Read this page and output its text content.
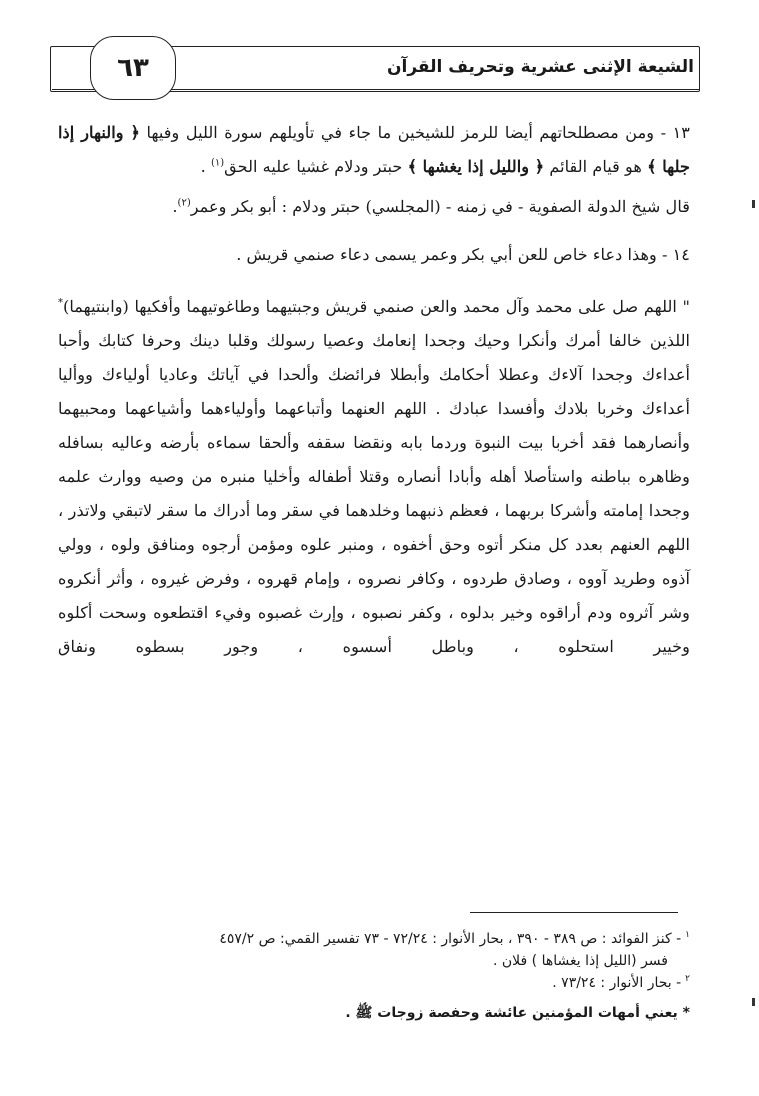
٦٣	الشيعة الإثنى عشرية وتحريف القرآن

١٣ - ومن مصطلحاتهم أيضا للرمز للشيخين ما جاء في تأويلهم سورة الليل وفيها ﴿ والنهار إذا جلها ﴾ هو قيام القائم ﴿ والليل إذا يغشها ﴾ حبتر ودلام غشيا عليه الحق$^{(١)}$ .

قال شيخ الدولة الصفوية - في زمنه - (المجلسي) حبتر ودلام : أبو بكر وعمر$^{(٢)}$.

١٤ - وهذا دعاء خاص للعن أبي بكر وعمر يسمى دعاء صنمي قريش .

" اللهم صل على محمد وآل محمد والعن صنمي قريش وجبتيهما وطاغوتيهما وأفكيها (وابنتيهما)* اللذين خالفا أمرك وأنكرا وحيك وجحدا إنعامك وعصيا رسولك وقلبا دينك وحرفا كتابك وأحبا أعداءك وجحدا آلاءك وعطلا أحكامك وأبطلا فرائضك وألحدا في آياتك وعاديا أولياءك ووأليا أعداءك وخربا بلادك وأفسدا عبادك . اللهم العنهما وأتباعهما وأولياءهما وأشياعهما ومحبيهما وأنصارهما فقد أخربا بيت النبوة وردما بابه ونقضا سقفه وألحقا سماءه بأرضه وعاليه بسافله وظاهره بباطنه واستأصلا أهله وأبادا أنصاره وقتلا أطفاله وأخليا منبره من وصيه ووارث علمه وجحدا إمامته وأشركا بربهما ، فعظم ذنبهما وخلدهما في سقر وما أدراك ما سقر لاتبقي ولاتذر ، اللهم العنهم بعدد كل منكر أتوه وحق أخفوه ، ومنبر علوه ومؤمن أرجوه ومنافق ولوه ، وولي آذوه وطريد آووه ، وصادق طردوه ، وكافر نصروه ، وإمام قهروه ، وفرض غيروه ، وأثر أنكروه وشر آثروه ودم أراقوه وخير بدلوه ، وكفر نصبوه ، وإرث غصبوه وفيء اقتطعوه وسحت أكلوه وخيير استحلوه ، وباطل أسسوه ، وجور بسطوه ونفاق

$^١$- كنز الفوائد : ص ٣٨٩ - ٣٩٠ ، بحار الأنوار : ٧٢/٢٤ - ٧٣ تفسير القمي: ص ٤٥٧/٢

فسر (الليل إذا يغشاها ) فلان .

$^٢$- بحار الأنوار : ٧٣/٢٤ .

* يعني أمهات المؤمنين عائشة وحفصة زوجات ﷺ .
